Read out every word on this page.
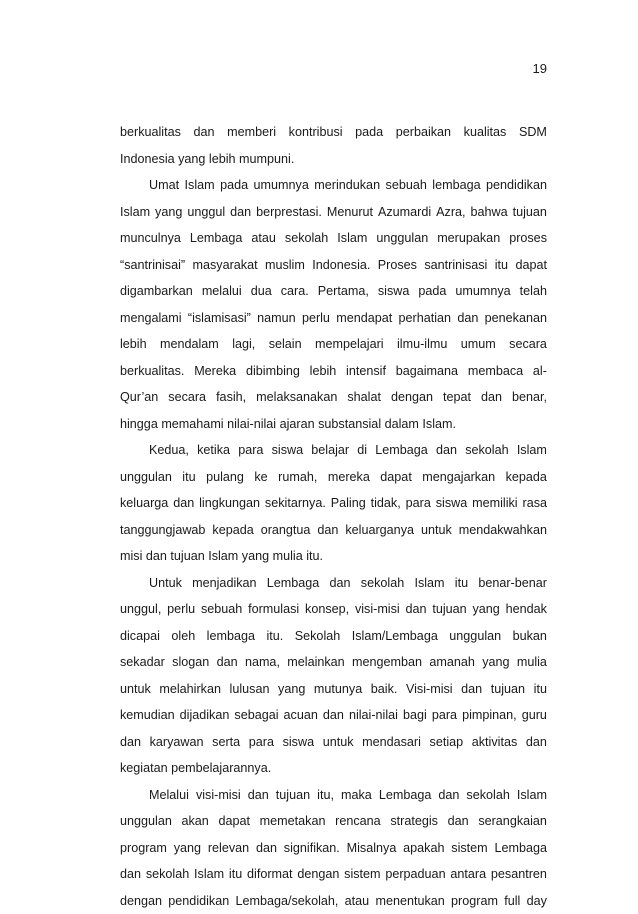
19
berkualitas dan memberi kontribusi pada perbaikan kualitas SDM
Indonesia yang lebih mumpuni.
Umat Islam pada umumnya merindukan sebuah lembaga pendidikan
Islam yang unggul dan berprestasi. Menurut Azumardi Azra, bahwa tujuan
munculnya Lembaga atau sekolah Islam unggulan merupakan proses
“santrinisai” masyarakat muslim Indonesia. Proses santrinisasi itu dapat
digambarkan melalui dua cara. Pertama, siswa pada umumnya telah
mengalami “islamisasi” namun perlu mendapat perhatian dan penekanan
lebih mendalam lagi, selain mempelajari ilmu-ilmu umum secara
berkualitas. Mereka dibimbing lebih intensif bagaimana membaca al-
Qur’an secara fasih, melaksanakan shalat dengan tepat dan benar,
hingga memahami nilai-nilai ajaran substansial dalam Islam.
Kedua, ketika para siswa belajar di Lembaga dan sekolah Islam
unggulan itu pulang ke rumah, mereka dapat mengajarkan kepada
keluarga dan lingkungan sekitarnya. Paling tidak, para siswa memiliki rasa
tanggungjawab kepada orangtua dan keluarganya untuk mendakwahkan
misi dan tujuan Islam yang mulia itu.
Untuk menjadikan Lembaga dan sekolah Islam itu benar-benar
unggul, perlu sebuah formulasi konsep, visi-misi dan tujuan yang hendak
dicapai oleh lembaga itu. Sekolah Islam/Lembaga unggulan bukan
sekadar slogan dan nama, melainkan mengemban amanah yang mulia
untuk melahirkan lulusan yang mutunya baik. Visi-misi dan tujuan itu
kemudian dijadikan sebagai acuan dan nilai-nilai bagi para pimpinan, guru
dan karyawan serta para siswa untuk mendasari setiap aktivitas dan
kegiatan pembelajarannya.
Melalui visi-misi dan tujuan itu, maka Lembaga dan sekolah Islam
unggulan akan dapat memetakan rencana strategis dan serangkaian
program yang relevan dan signifikan. Misalnya apakah sistem Lembaga
dan sekolah Islam itu diformat dengan sistem perpaduan antara pesantren
dengan pendidikan Lembaga/sekolah, atau menentukan program full day
